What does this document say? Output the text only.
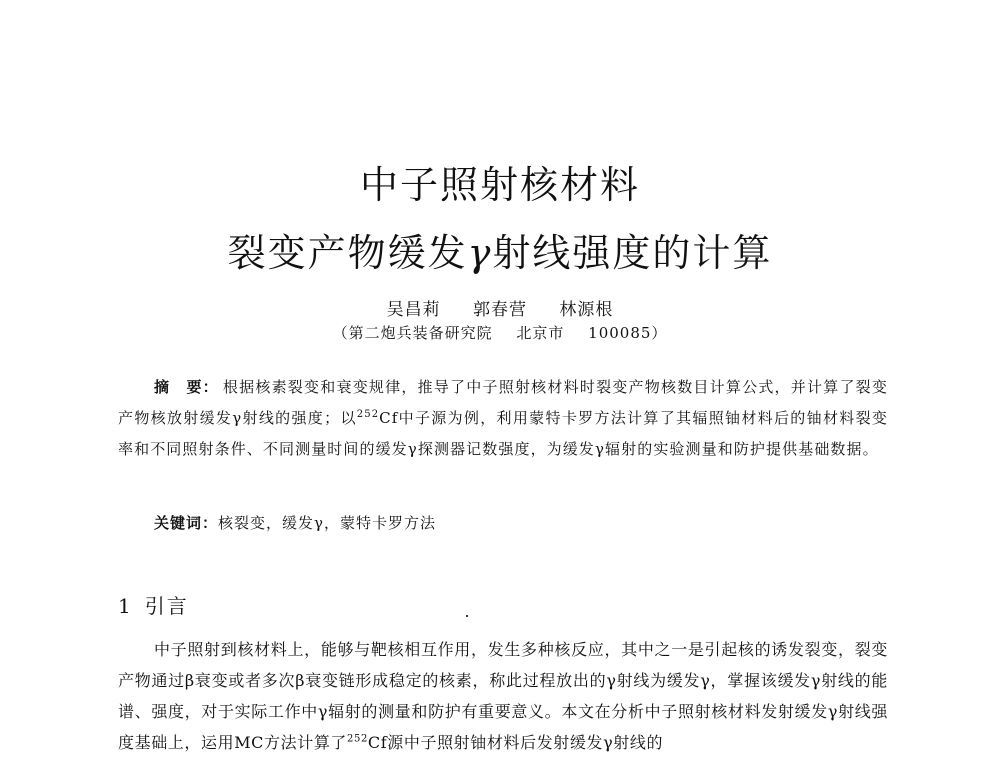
中子照射核材料
裂变产物缓发γ射线强度的计算
吴昌莉 郭春营 林源根
（第二炮兵装备研究院 北京市 100085）
摘　要： 根据核素裂变和衰变规律，推导了中子照射核材料时裂变产物核数目计算公式，并计算了裂变产物核放射缓发γ射线的强度；以$^{252}$Cf中子源为例，利用蒙特卡罗方法计算了其辐照铀材料后的铀材料裂变率和不同照射条件、不同测量时间的缓发γ探测器记数强度，为缓发γ辐射的实验测量和防护提供基础数据。
关键词：核裂变，缓发γ，蒙特卡罗方法
1 引言
中子照射到核材料上，能够与靶核相互作用，发生多种核反应，其中之一是引起核的诱发裂变，裂变产物通过β衰变或者多次β衰变链形成稳定的核素，称此过程放出的γ射线为缓发γ，掌握该缓发γ射线的能谱、强度，对于实际工作中γ辐射的测量和防护有重要意义。本文在分析中子照射核材料发射缓发γ射线强度基础上，运用MC方法计算了$^{252}$Cf源中子照射铀材料后发射缓发γ射线的
